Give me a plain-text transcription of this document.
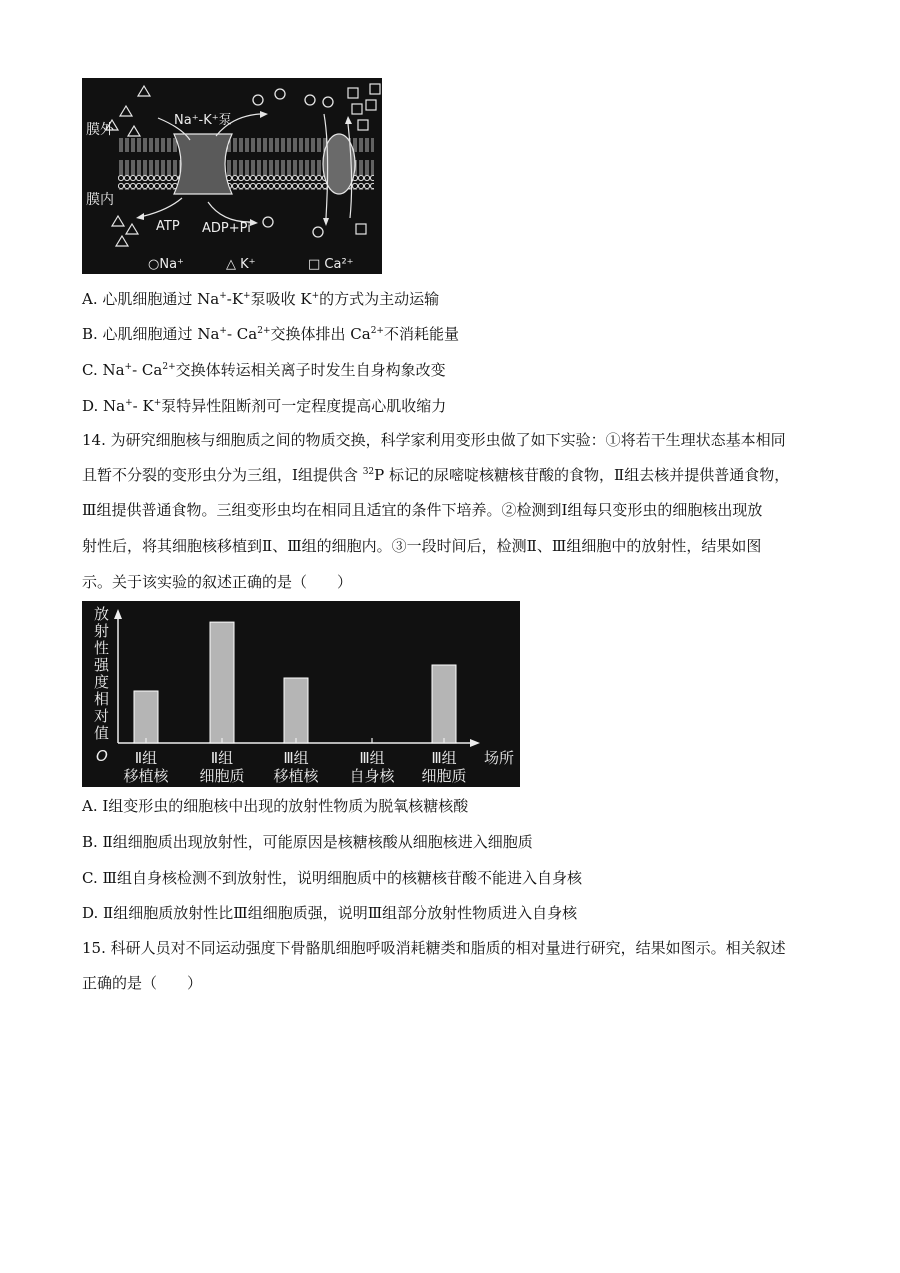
膜外
膜内
Na⁺-K⁺泵
ATP ADP+Pi
○Na⁺	△ K⁺	□ Ca²⁺
A. 心肌细胞通过 Na+-K+泵吸收 K+的方式为主动运输
B. 心肌细胞通过 Na+- $Ca^{2+}$交换体排出 $Ca^{2+}$不消耗能量
C. Na+- $Ca^{2+}$交换体转运相关离子时发生自身构象改变
D. Na+- K+泵特异性阻断剂可一定程度提高心肌收缩力
14. 为研究细胞核与细胞质之间的物质交换，科学家利用变形虫做了如下实验：①将若干生理状态基本相同
且暂不分裂的变形虫分为三组，Ⅰ组提供含 $^{32}$P 标记的尿嘧啶核糖核苷酸的食物，Ⅱ组去核并提供普通食物，
Ⅲ组提供普通食物。三组变形虫均在相同且适宜的条件下培养。②检测到Ⅰ组每只变形虫的细胞核出现放
射性后，将其细胞核移植到Ⅱ、Ⅲ组的细胞内。③一段时间后，检测Ⅱ、Ⅲ组细胞中的放射性，结果如图
示。关于该实验的叙述正确的是（　　）
放射性强度相对值
O	场所
Ⅱ组
移植核
Ⅱ组
细胞质
Ⅲ组
移植核
Ⅲ组
自身核
Ⅲ组
细胞质
A. Ⅰ组变形虫的细胞核中出现的放射性物质为脱氧核糖核酸
B. Ⅱ组细胞质出现放射性，可能原因是核糖核酸从细胞核进入细胞质
C. Ⅲ组自身核检测不到放射性，说明细胞质中的核糖核苷酸不能进入自身核
D. Ⅱ组细胞质放射性比Ⅲ组细胞质强，说明Ⅲ组部分放射性物质进入自身核
15. 科研人员对不同运动强度下骨骼肌细胞呼吸消耗糖类和脂质的相对量进行研究，结果如图示。相关叙述
正确的是（　　）
